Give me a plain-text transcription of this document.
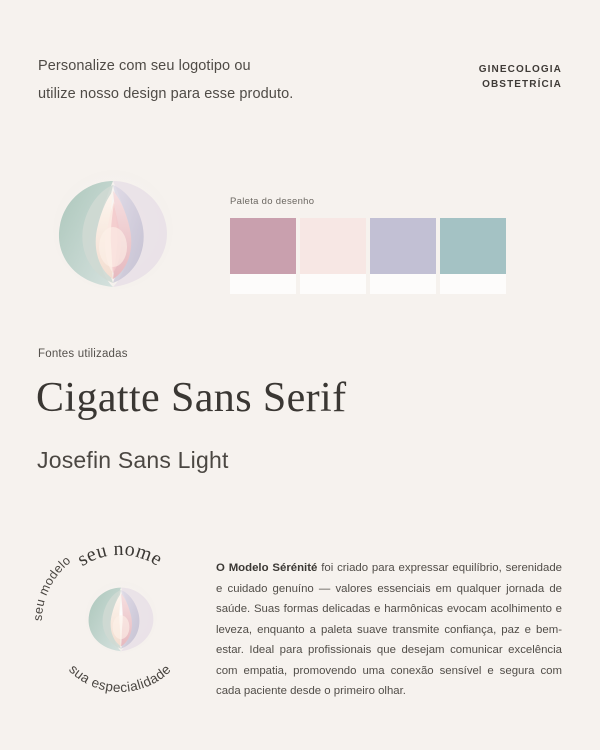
Personalize com seu logotipo ou
utilize nosso design para esse produto.
GINECOLOGIA
OBSTETRÍCIA
Paleta do desenho
Fontes utilizadas
Cigatte Sans Serif
Josefin Sans Light
seu nome
sua especialidade
seu modelo	O Modelo Sérénité foi criado para expressar equilíbrio, serenidade e cuidado genuíno — valores essenciais em qualquer jornada de saúde. Suas formas delicadas e harmônicas evocam acolhimento e leveza, enquanto a paleta suave transmite confiança, paz e bem-estar. Ideal para profissionais que desejam comunicar excelência com empatia, promovendo uma conexão sensível e segura com cada paciente desde o primeiro olhar.
